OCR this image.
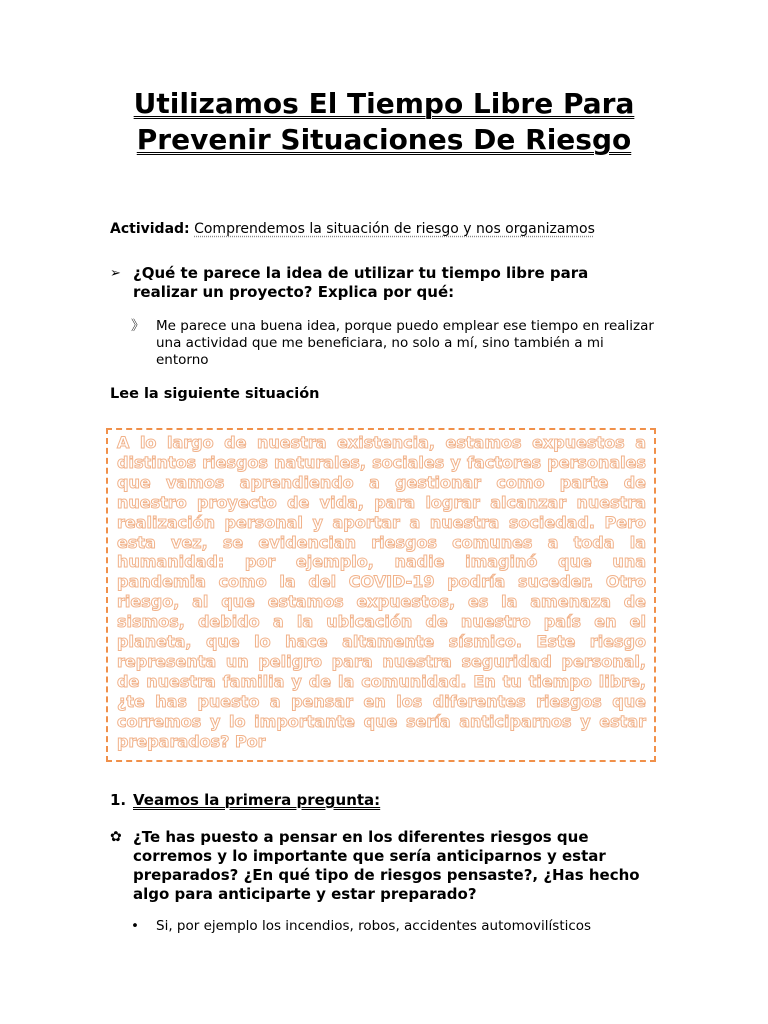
Utilizamos El Tiempo Libre Para Prevenir Situaciones De Riesgo
Actividad: Comprendemos la situación de riesgo y nos organizamos
➢ ¿Qué te parece la idea de utilizar tu tiempo libre para realizar un proyecto? Explica por qué:
》 Me parece una buena idea, porque puedo emplear ese tiempo en realizar una actividad que me beneficiara, no solo a mí, sino también a mi entorno
Lee la siguiente situación
A lo largo de nuestra existencia, estamos expuestos a distintos riesgos naturales, sociales y factores personales que vamos aprendiendo a gestionar como parte de nuestro proyecto de vida, para lograr alcanzar nuestra realización personal y aportar a nuestra sociedad. Pero esta vez, se evidencian riesgos comunes a toda la humanidad: por ejemplo, nadie imaginó que una pandemia como la del COVID-19 podría suceder. Otro riesgo, al que estamos expuestos, es la amenaza de sismos, debido a la ubicación de nuestro país en el planeta, que lo hace altamente sísmico. Este riesgo representa un peligro para nuestra seguridad personal, de nuestra familia y de la comunidad. En tu tiempo libre, ¿te has puesto a pensar en los diferentes riesgos que corremos y lo importante que sería anticiparnos y estar preparados? Por
1. Veamos la primera pregunta:
✿ ¿Te has puesto a pensar en los diferentes riesgos que corremos y lo importante que sería anticiparnos y estar preparados? ¿En qué tipo de riesgos pensaste?, ¿Has hecho algo para anticiparte y estar preparado?
• Si, por ejemplo los incendios, robos, accidentes automovilísticos
